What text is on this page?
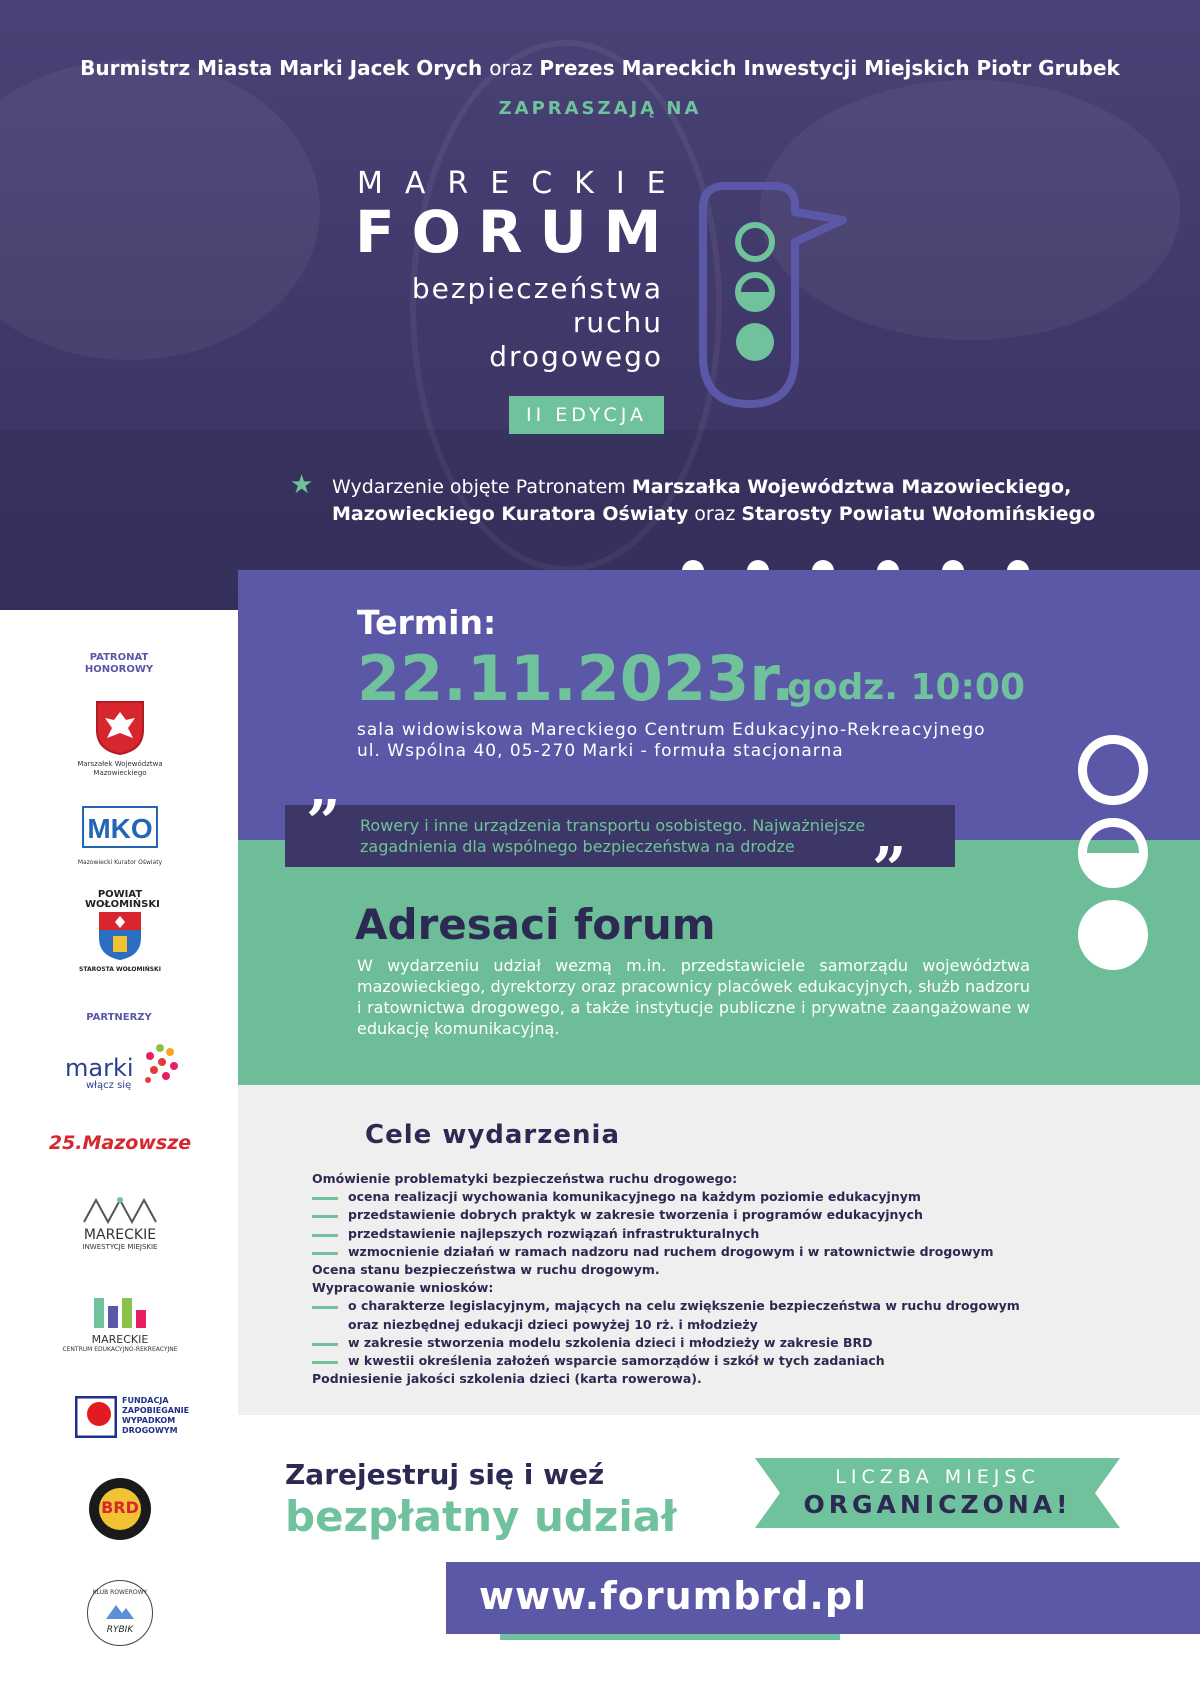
Burmistrz Miasta Marki Jacek Orych oraz Prezes Mareckich Inwestycji Miejskich Piotr Grubek
ZAPRASZAJĄ NA
MARECKIE
FORUM
bezpieczeństwa
ruchu
drogowego
II EDYCJA
★ Wydarzenie objęte Patronatem Marszałka Województwa Mazowieckiego,
Mazowieckiego Kuratora Oświaty oraz Starosty Powiatu Wołomińskiego
Termin:
22.11.2023r.
godz. 10:00
sala widowiskowa Mareckiego Centrum Edukacyjno-Rekreacyjnego
ul. Wspólna 40, 05-270 Marki - formuła stacjonarna
”
”
Rowery i inne urządzenia transportu osobistego. Najważniejsze
zagadnienia dla wspólnego bezpieczeństwa na drodze
Adresaci forum
W wydarzeniu udział wezmą m.in. przedstawiciele samorządu województwa mazowieckiego, dyrektorzy oraz pracownicy placówek edukacyjnych, służb nadzoru i ratownictwa drogowego, a także instytucje publiczne i prywatne zaangażowane w edukację komunikacyjną.
Cele wydarzenia
Omówienie problematyki bezpieczeństwa ruchu drogowego:
ocena realizacji wychowania komunikacyjnego na każdym poziomie edukacyjnym
przedstawienie dobrych praktyk w zakresie tworzenia i programów edukacyjnych
przedstawienie najlepszych rozwiązań infrastrukturalnych
wzmocnienie działań w ramach nadzoru nad ruchem drogowym i w ratownictwie drogowym
Ocena stanu bezpieczeństwa w ruchu drogowym.
Wypracowanie wniosków:
o charakterze legislacyjnym, mających na celu zwiększenie bezpieczeństwa w ruchu drogowym
oraz niezbędnej edukacji dzieci powyżej 10 rż. i młodzieży
w zakresie stworzenia modelu szkolenia dzieci i młodzieży w zakresie BRD
w kwestii określenia założeń wsparcie samorządów i szkół w tych zadaniach
Podniesienie jakości szkolenia dzieci (karta rowerowa).
PATRONAT HONOROWY
Marszałek Województwa Mazowieckiego
MKO
Mazowiecki Kurator Oświaty
POWIAT WOŁOMIŃSKI
STAROSTA WOŁOMIŃSKI
PARTNERZY
marki
włącz się
25.Mazowsze
MARECKIE
INWESTYCJE MIEJSKIE
MARECKIE
CENTRUM EDUKACYJNO-REKREACYJNE
FUNDACJA
ZAPOBIEGANIE
WYPADKOM
DROGOWYM
BRD
KLUB ROWEROWY
RYBIK
Zarejestruj się i weź
bezpłatny udział
LICZBA MIEJSC
ORGANICZONA!
www.forumbrd.pl
